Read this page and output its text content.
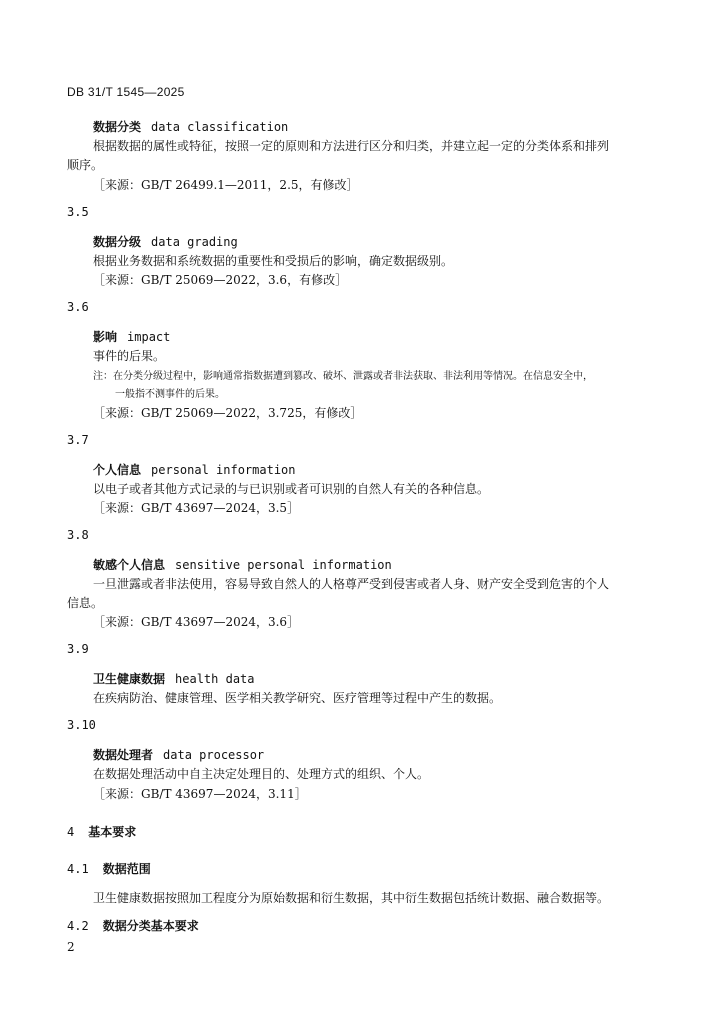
DB 31/T 1545—2025
数据分类 data classification
根据数据的属性或特征，按照一定的原则和方法进行区分和归类，并建立起一定的分类体系和排列
顺序。
［来源：GB/T 26499.1—2011，2.5，有修改］
3.5
数据分级 data grading
根据业务数据和系统数据的重要性和受损后的影响，确定数据级别。
［来源：GB/T 25069—2022，3.6，有修改］
3.6
影响 impact
事件的后果。
注：在分类分级过程中，影响通常指数据遭到篡改、破坏、泄露或者非法获取、非法利用等情况。在信息安全中，
一般指不测事件的后果。
［来源：GB/T 25069—2022，3.725，有修改］
3.7
个人信息 personal information
以电子或者其他方式记录的与已识别或者可识别的自然人有关的各种信息。
［来源：GB/T 43697—2024，3.5］
3.8
敏感个人信息 sensitive personal information
一旦泄露或者非法使用，容易导致自然人的人格尊严受到侵害或者人身、财产安全受到危害的个人
信息。
［来源：GB/T 43697—2024，3.6］
3.9
卫生健康数据 health data
在疾病防治、健康管理、医学相关教学研究、医疗管理等过程中产生的数据。
3.10
数据处理者 data processor
在数据处理活动中自主决定处理目的、处理方式的组织、个人。
［来源：GB/T 43697—2024，3.11］
4 基本要求
4.1 数据范围
卫生健康数据按照加工程度分为原始数据和衍生数据，其中衍生数据包括统计数据、融合数据等。
4.2 数据分类基本要求
2
